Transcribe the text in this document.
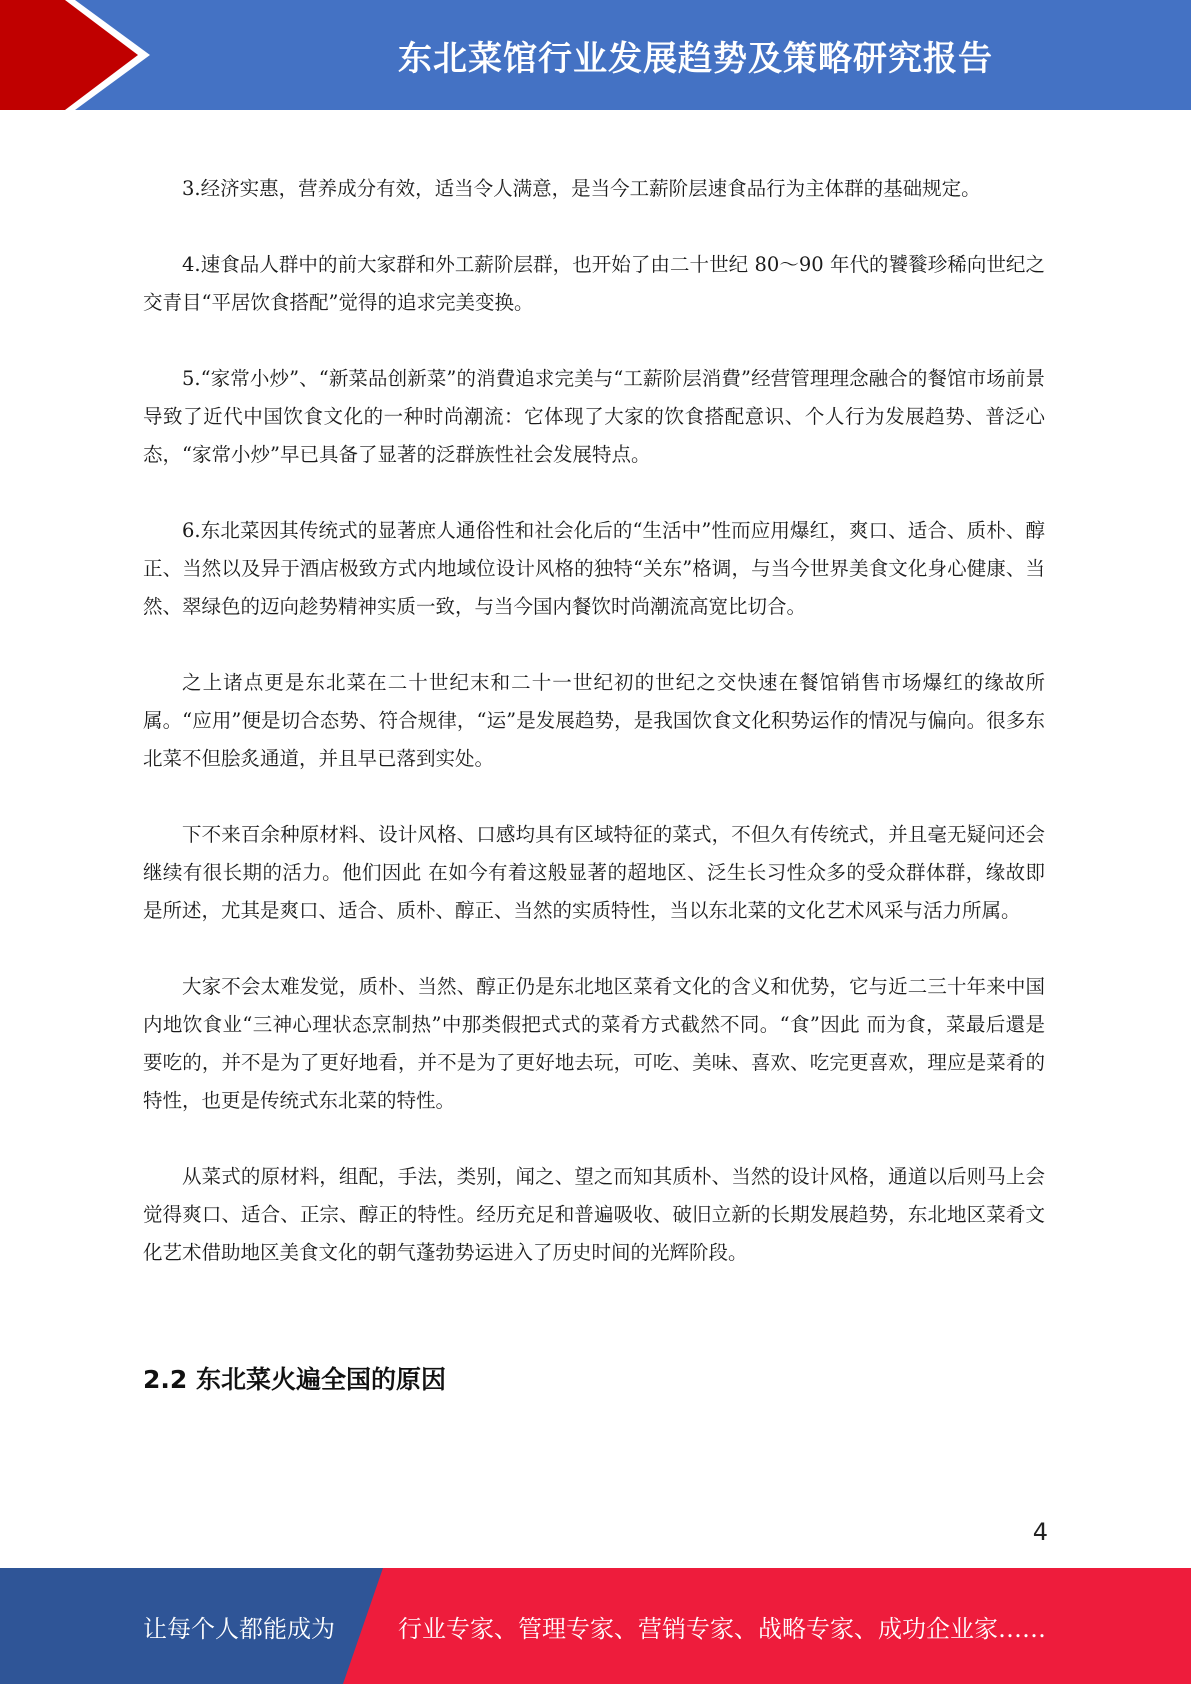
东北菜馆行业发展趋势及策略研究报告

3.经济实惠，营养成分有效，适当令人满意，是当今工薪阶层速食品行为主体群的基础规定。

4.速食品人群中的前大家群和外工薪阶层群，也开始了由二十世纪 80～90 年代的饕餮珍稀向世纪之交青目“平居饮食搭配”觉得的追求完美变换。

5.“家常小炒”、“新菜品创新菜”的消費追求完美与“工薪阶层消費”经营管理理念融合的餐馆市场前景导致了近代中国饮食文化的一种时尚潮流：它体现了大家的饮食搭配意识、个人行为发展趋势、普泛心态，“家常小炒”早已具备了显著的泛群族性社会发展特点。

6.东北菜因其传统式的显著庶人通俗性和社会化后的“生活中”性而应用爆红，爽口、适合、质朴、醇正、当然以及异于酒店极致方式内地域位设计风格的独特“关东”格调，与当今世界美食文化身心健康、当然、翠绿色的迈向趁势精神实质一致，与当今国内餐饮时尚潮流高宽比切合。

之上诸点更是东北菜在二十世纪末和二十一世纪初的世纪之交快速在餐馆销售市场爆红的缘故所属。“应用”便是切合态势、符合规律，“运”是发展趋势，是我国饮食文化积势运作的情况与偏向。很多东北菜不但脍炙通道，并且早已落到实处。

下不来百余种原材料、设计风格、口感均具有区域特征的菜式，不但久有传统式，并且毫无疑问还会继续有很长期的活力。他们因此 在如今有着这般显著的超地区、泛生长习性众多的受众群体群，缘故即是所述，尤其是爽口、适合、质朴、醇正、当然的实质特性，当以东北菜的文化艺术风采与活力所属。

大家不会太难发觉，质朴、当然、醇正仍是东北地区菜肴文化的含义和优势，它与近二三十年来中国内地饮食业“三神心理状态烹制热”中那类假把式式的菜肴方式截然不同。“食”因此 而为食，菜最后還是要吃的，并不是为了更好地看，并不是为了更好地去玩，可吃、美味、喜欢、吃完更喜欢，理应是菜肴的特性，也更是传统式东北菜的特性。

从菜式的原材料，组配，手法，类别，闻之、望之而知其质朴、当然的设计风格，通道以后则马上会觉得爽口、适合、正宗、醇正的特性。经历充足和普遍吸收、破旧立新的长期发展趋势，东北地区菜肴文化艺术借助地区美食文化的朝气蓬勃势运进入了历史时间的光辉阶段。

2.2 东北菜火遍全国的原因
4
让每个人都能成为	行业专家、管理专家、营销专家、战略专家、成功企业家……
